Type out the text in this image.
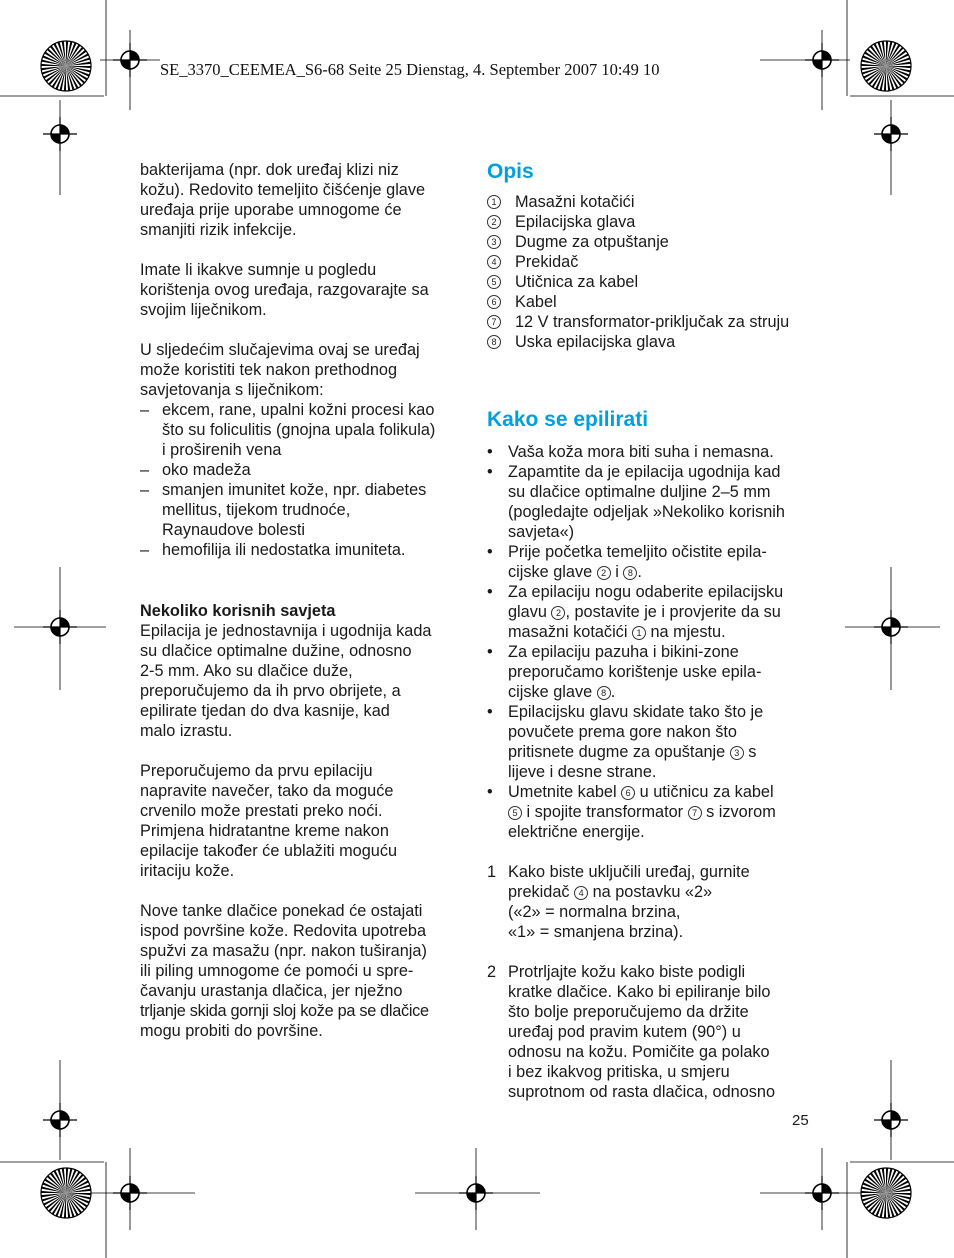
SE_3370_CEEMEA_S6-68 Seite 25 Dienstag, 4. September 2007 10:49 10
bakterijama (npr. dok uređaj klizi niz
kožu). Redovito temeljito čišćenje glave
uređaja prije uporabe umnogome će
smanjiti rizik infekcije.
Imate li ikakve sumnje u pogledu
korištenja ovog uređaja, razgovarajte sa
svojim liječnikom.
U sljedećim slučajevima ovaj se uređaj
može koristiti tek nakon prethodnog
savjetovanja s liječnikom:
– ekcem, rane, upalni kožni procesi kao
što su foliculitis (gnojna upala folikula)
i proširenih vena
– oko madeža
– smanjen imunitet kože, npr. diabetes
mellitus, tijekom trudnoće,
Raynaudove bolesti
– hemofilija ili nedostatka imuniteta.
Nekoliko korisnih savjeta
Epilacija je jednostavnija i ugodnija kada
su dlačice optimalne dužine, odnosno
2-5 mm. Ako su dlačice duže,
preporučujemo da ih prvo obrijete, a
epilirate tjedan do dva kasnije, kad
malo izrastu.
Preporučujemo da prvu epilaciju
napravite navečer, tako da moguće
crvenilo može prestati preko noći.
Primjena hidratantne kreme nakon
epilacije također će ublažiti moguću
iritaciju kože.
Nove tanke dlačice ponekad će ostajati
ispod površine kože. Redovita upotreba
spužvi za masažu (npr. nakon tuširanja)
ili piling umnogome će pomoći u spre-
čavanju urastanja dlačica, jer nježno
trljanje skida gornji sloj kože pa se dlačice
mogu probiti do površine.
Opis
1 Masažni kotačići
2 Epilacijska glava
3 Dugme za otpuštanje
4 Prekidač
5 Utičnica za kabel
6 Kabel
7 12 V transformator-priključak za struju
8 Uska epilacijska glava
Kako se epilirati
• Vaša koža mora biti suha i nemasna.
• Zapamtite da je epilacija ugodnija kad
su dlačice optimalne duljine 2–5 mm
(pogledajte odjeljak »Nekoliko korisnih
savjeta«)
• Prije početka temeljito očistite epila-
cijske glave 2 i 8 .
• Za epilaciju nogu odaberite epilacijsku
glavu 2 , postavite je i provjerite da su
masažni kotačići 1 na mjestu.
• Za epilaciju pazuha i bikini-zone
preporučamo korištenje uske epila-
cijske glave 8 .
• Epilacijsku glavu skidate tako što je
povučete prema gore nakon što
pritisnete dugme za opuštanje 3 s
lijeve i desne strane.
• Umetnite kabel 6 u utičnicu za kabel
5 i spojite transformator 7 s izvorom
električne energije.
1 Kako biste uključili uređaj, gurnite
prekidač 4 na postavku «2»
(«2» = normalna brzina,
«1» = smanjena brzina).
2 Protrljajte kožu kako biste podigli
kratke dlačice. Kako bi epiliranje bilo
što bolje preporučujemo da držite
uređaj pod pravim kutem (90°) u
odnosu na kožu. Pomičite ga polako
i bez ikakvog pritiska, u smjeru
suprotnom od rasta dlačica, odnosno
25
